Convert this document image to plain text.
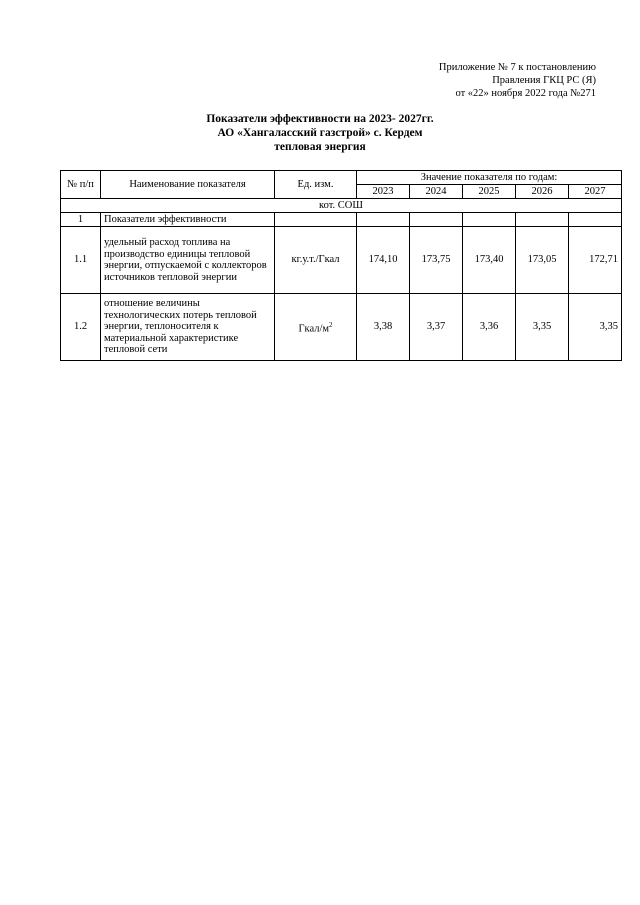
Приложение № 7 к постановлению
Правления ГКЦ РС (Я)
от «22» ноября 2022 года №271
Показатели эффективности на 2023- 2027гг.
АО «Хангаласский газстрой» с. Кердем
тепловая энергия
№ п/п	Наименование показателя	Ед. изм.	Значение показателя по годам:				
			2023	2024	2025	2026	2027
кот. СОШ							
1	Показатели эффективности						
1.1	удельный расход топлива на производство единицы тепловой энергии, отпускаемой с коллекторов источников тепловой энергии	кг.у.т./Гкал	174,10	173,75	173,40	173,05	172,71
1.2	отношение величины технологических потерь тепловой энергии, теплоносителя к материальной характеристике тепловой сети	Гкал/$м^2$	3,38	3,37	3,36	3,35	3,35
